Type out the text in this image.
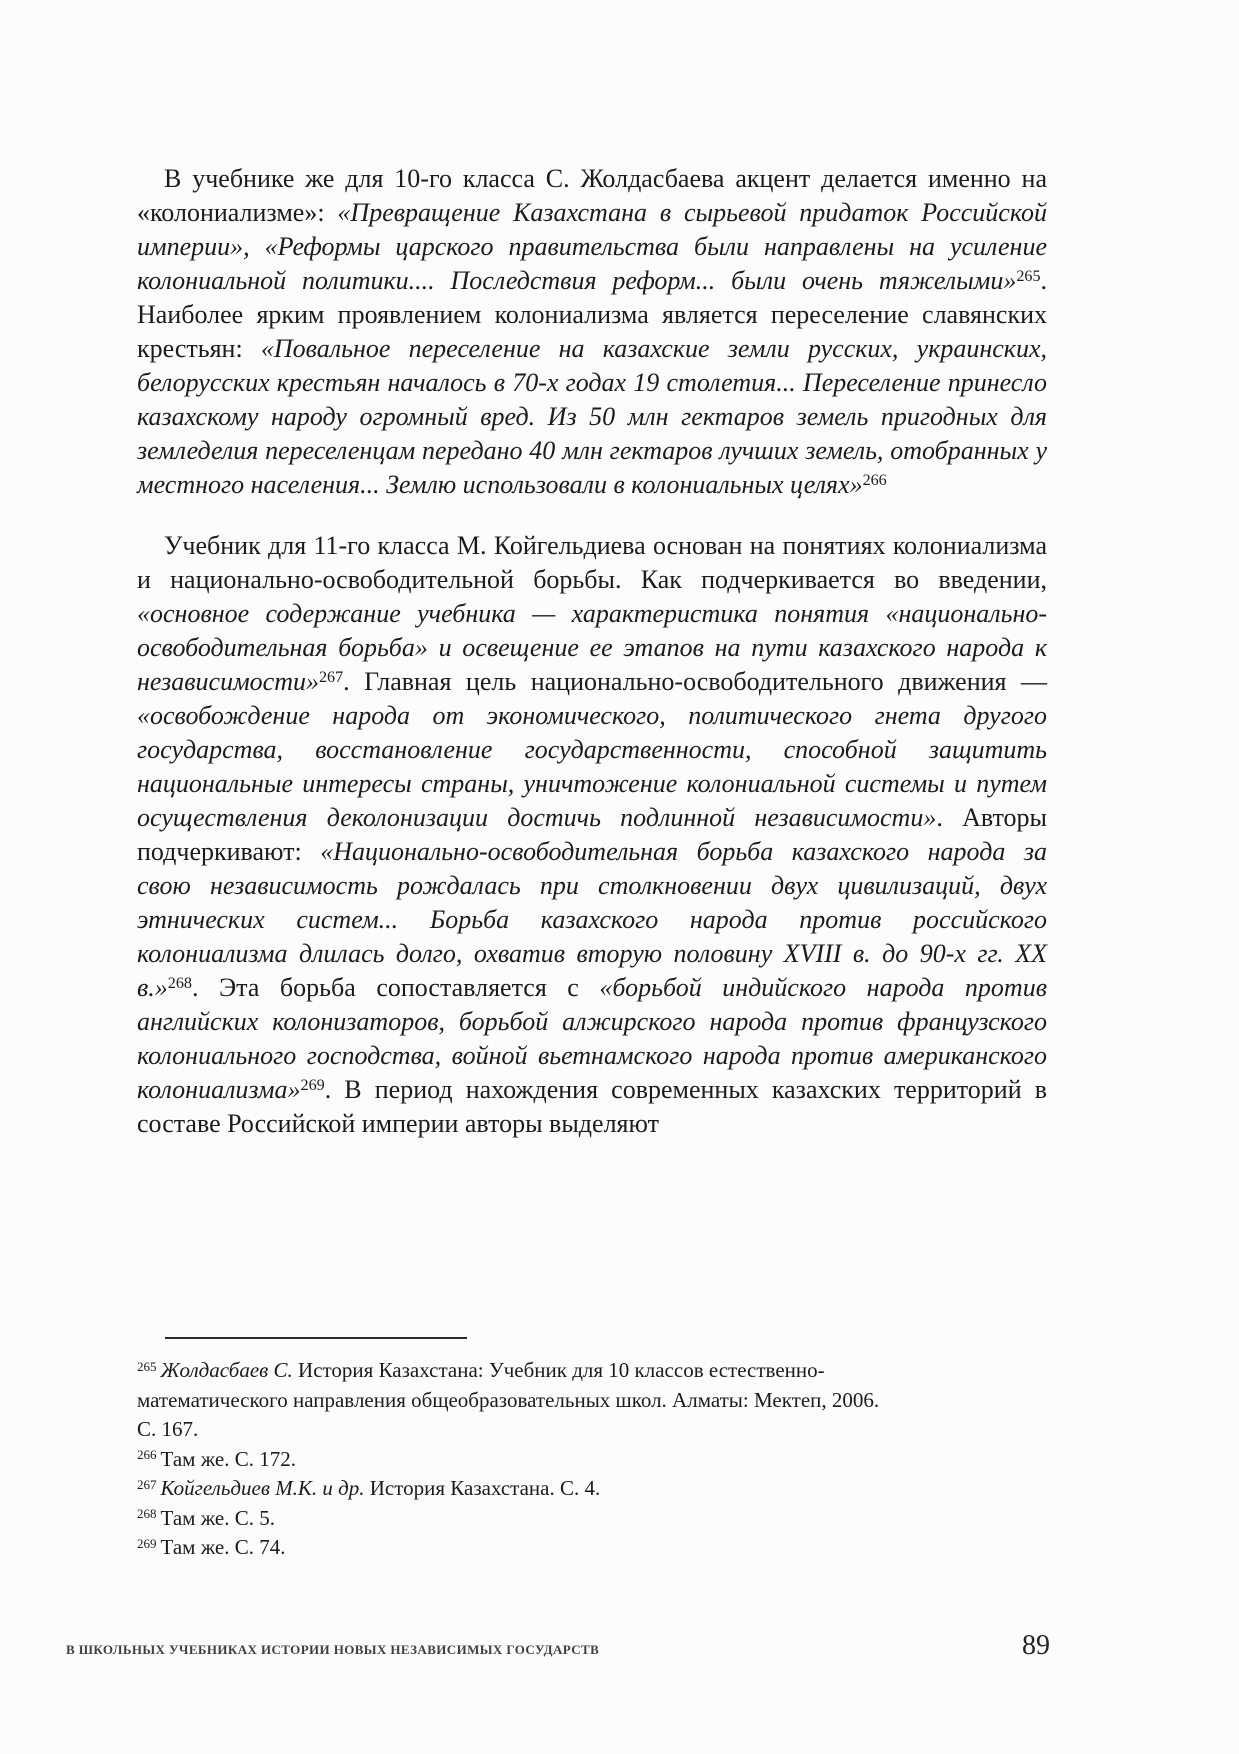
В учебнике же для 10-го класса С. Жолдасбаева акцент делается именно на «колониализме»: «Превращение Казахстана в сырьевой придаток Российской империи», «Реформы царского правительства были направлены на усиление колониальной политики.... Последствия реформ... были очень тяжелыми»$^{265}$. Наиболее ярким проявлением колониализма является переселение славянских крестьян: «Повальное переселение на казахские земли русских, украинских, белорусских крестьян началось в 70-х годах 19 столетия... Переселение принесло казахскому народу огромный вред. Из 50 млн гектаров земель пригодных для земледелия переселенцам передано 40 млн гектаров лучших земель, отобранных у местного населения... Землю использовали в колониальных целях»$^{266}$

Учебник для 11-го класса М. Койгельдиева основан на понятиях колониализма и национально-освободительной борьбы. Как подчеркивается во введении, «основное содержание учебника — характеристика понятия «национально-освободительная борьба» и освещение ее этапов на пути казахского народа к независимости»$^{267}$. Главная цель национально-освободительного движения — «освобождение народа от экономического, политического гнета другого государства, восстановление государственности, способной защитить национальные интересы страны, уничтожение колониальной системы и путем осуществления деколонизации достичь подлинной независимости». Авторы подчеркивают: «Национально-освободительная борьба казахского народа за свою независимость рождалась при столкновении двух цивилизаций, двух этнических систем... Борьба казахского народа против российского колониализма длилась долго, охватив вторую половину XVIII в. до 90-х гг. XX в.»$^{268}$. Эта борьба сопоставляется с «борьбой индийского народа против английских колонизаторов, борьбой алжирского народа против французского колониального господства, войной вьетнамского народа против американского колониализма»$^{269}$. В период нахождения современных казахских территорий в составе Российской империи авторы выделяют

$^{265}$ Жолдасбаев С. История Казахстана: Учебник для 10 классов естественно-
математического направления общеобразовательных школ. Алматы: Мектеп, 2006.
С. 167.

$^{266}$ Там же. С. 172.

$^{267}$ Койгельдиев М.К. и др. История Казахстана. С. 4.

$^{268}$ Там же. С. 5.

$^{269}$ Там же. С. 74.

В ШКОЛЬНЫХ УЧЕБНИКАХ ИСТОРИИ НОВЫХ НЕЗАВИСИМЫХ ГОСУДАРСТВ	89
